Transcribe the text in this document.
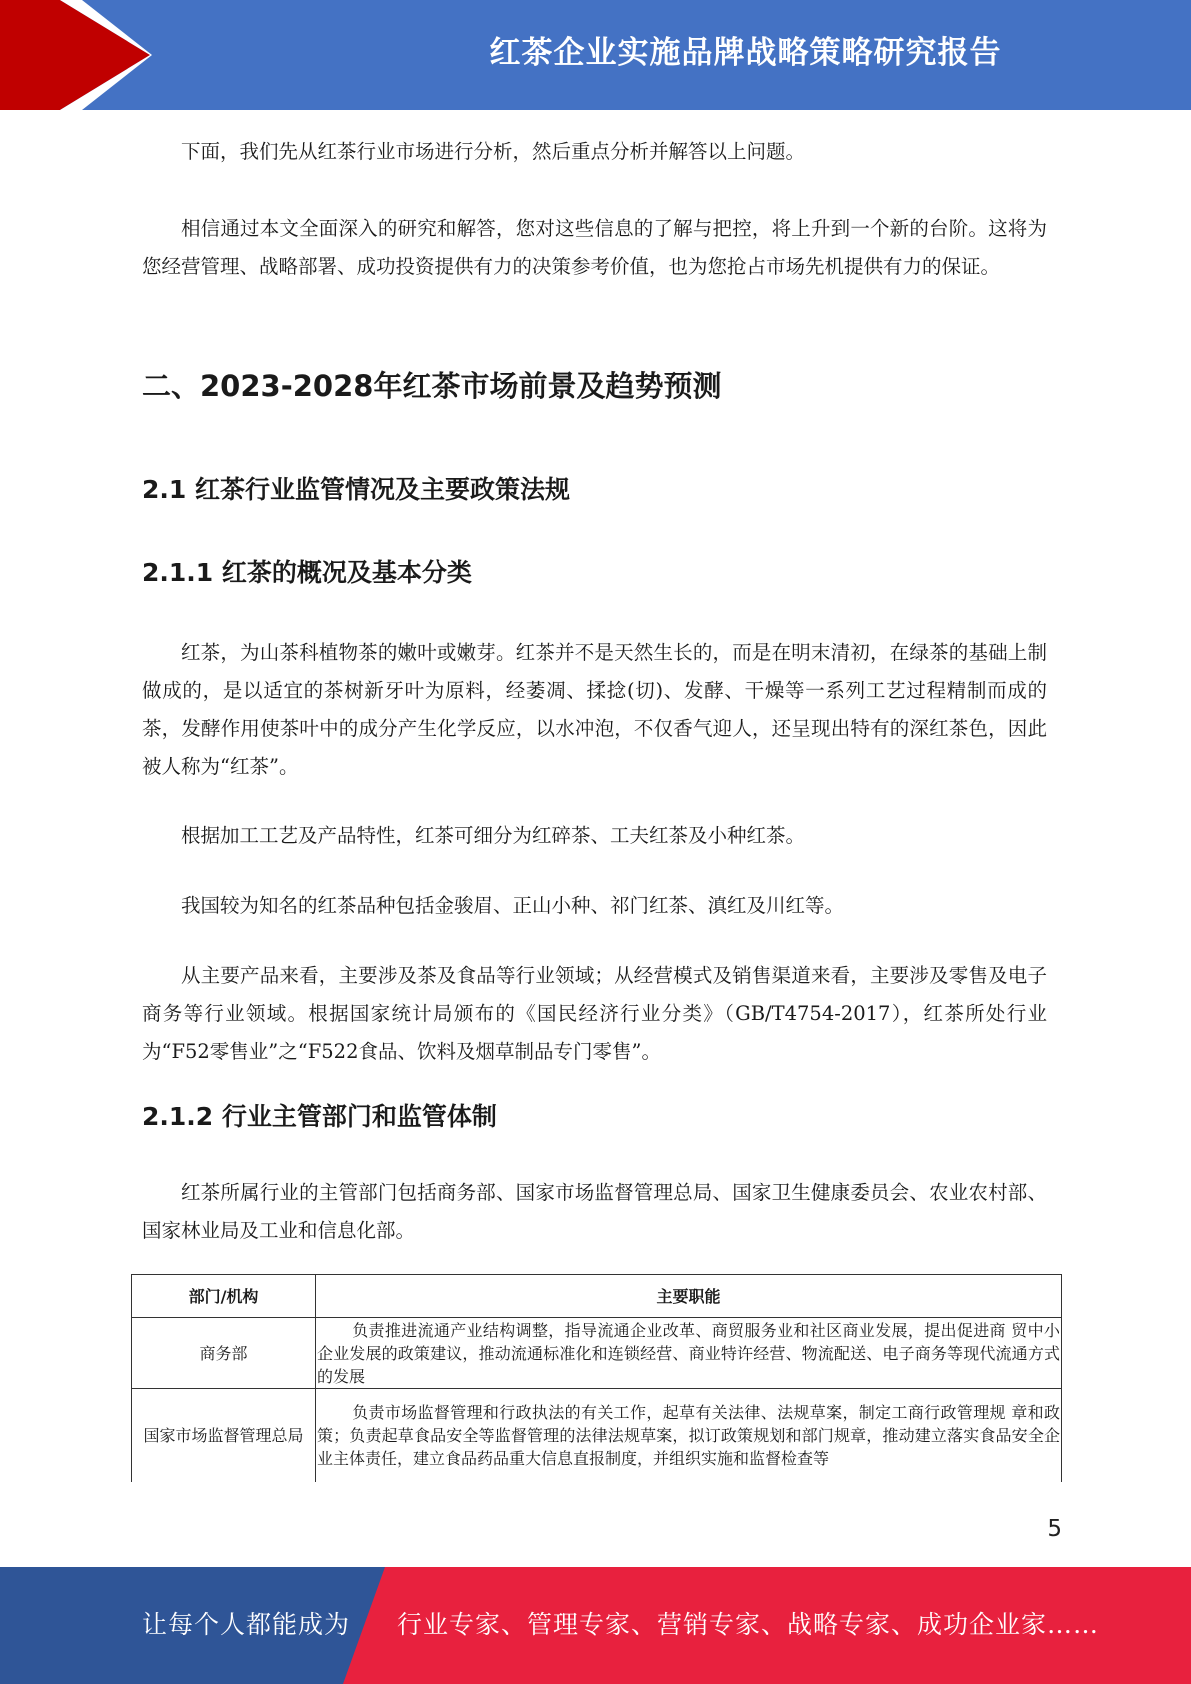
红茶企业实施品牌战略策略研究报告

下面，我们先从红茶行业市场进行分析，然后重点分析并解答以上问题。

相信通过本文全面深入的研究和解答，您对这些信息的了解与把控，将上升到一个新的台阶。这将为您经营管理、战略部署、成功投资提供有力的决策参考价值，也为您抢占市场先机提供有力的保证。

二、2023-2028年红茶市场前景及趋势预测
2.1 红茶行业监管情况及主要政策法规
2.1.1 红茶的概况及基本分类

红茶，为山茶科植物茶的嫩叶或嫩芽。红茶并不是天然生长的，而是在明末清初，在绿茶的基础上制做成的，是以适宜的茶树新牙叶为原料，经萎凋、揉捻(切)、发酵、干燥等一系列工艺过程精制而成的茶，发酵作用使茶叶中的成分产生化学反应，以水冲泡，不仅香气迎人，还呈现出特有的深红茶色，因此被人称为“红茶”。

根据加工工艺及产品特性，红茶可细分为红碎茶、工夫红茶及小种红茶。

我国较为知名的红茶品种包括金骏眉、正山小种、祁门红茶、滇红及川红等。

从主要产品来看，主要涉及茶及食品等行业领域；从经营模式及销售渠道来看，主要涉及零售及电子商务等行业领域。根据国家统计局颁布的《国民经济行业分类》（GB/T4754-2017），红茶所处行业为“F52零售业”之“F522食品、饮料及烟草制品专门零售”。

2.1.2 行业主管部门和监管体制

红茶所属行业的主管部门包括商务部、国家市场监督管理总局、国家卫生健康委员会、农业农村部、国家林业局及工业和信息化部。

部门/机构	主要职能
商务部	负责推进流通产业结构调整，指导流通企业改革、商贸服务业和社区商业发展，提出促进商 贸中小企业发展的政策建议，推动流通标准化和连锁经营、商业特许经营、物流配送、电子商务等现代流通方式的发展
国家市场监督管理总局	负责市场监督管理和行政执法的有关工作，起草有关法律、法规草案，制定工商行政管理规 章和政策；负责起草食品安全等监督管理的法律法规草案，拟订政策规划和部门规章，推动建立落实食品安全企业主体责任，建立食品药品重大信息直报制度，并组织实施和监督检查等
5
让每个人都能成为 行业专家、管理专家、营销专家、战略专家、成功企业家……
